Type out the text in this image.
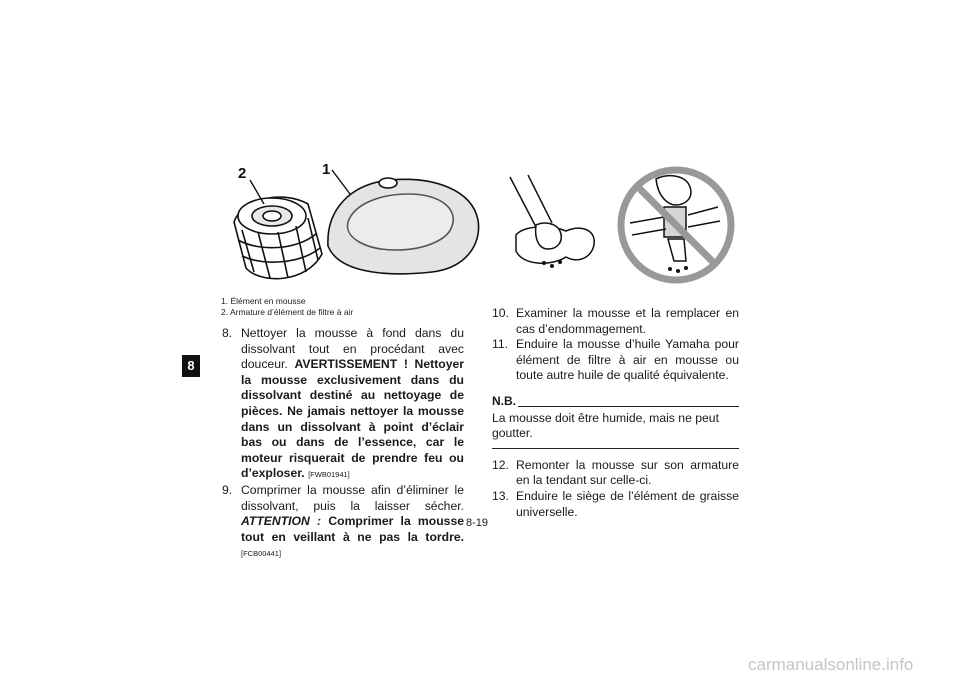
8
2	1
1. Élément en mousse
2. Armature d’élément de filtre à air

8. Nettoyer la mousse à fond dans du dissolvant tout en procédant avec douceur. AVERTISSEMENT ! Nettoyer la mousse exclusivement dans du dissolvant destiné au nettoyage de pièces. Ne jamais nettoyer la mousse dans un dissolvant à point d’éclair bas ou dans de l’essence, car le moteur risquerait de prendre feu ou d’exploser. [FWB01941]

9. Comprimer la mousse afin d’éliminer le dissolvant, puis la laisser sécher. ATTENTION : Comprimer la mousse tout en veillant à ne pas la tordre. [FCB00441]

10. Examiner la mousse et la remplacer en cas d’endommagement.

11. Enduire la mousse d’huile Yamaha pour élément de filtre à air en mousse ou toute autre huile de qualité équivalente.

N.B.
La mousse doit être humide, mais ne peut goutter.

12. Remonter la mousse sur son armature en la tendant sur celle-ci.

13. Enduire le siège de l’élément de graisse universelle.

8-19
carmanualsonline.info
